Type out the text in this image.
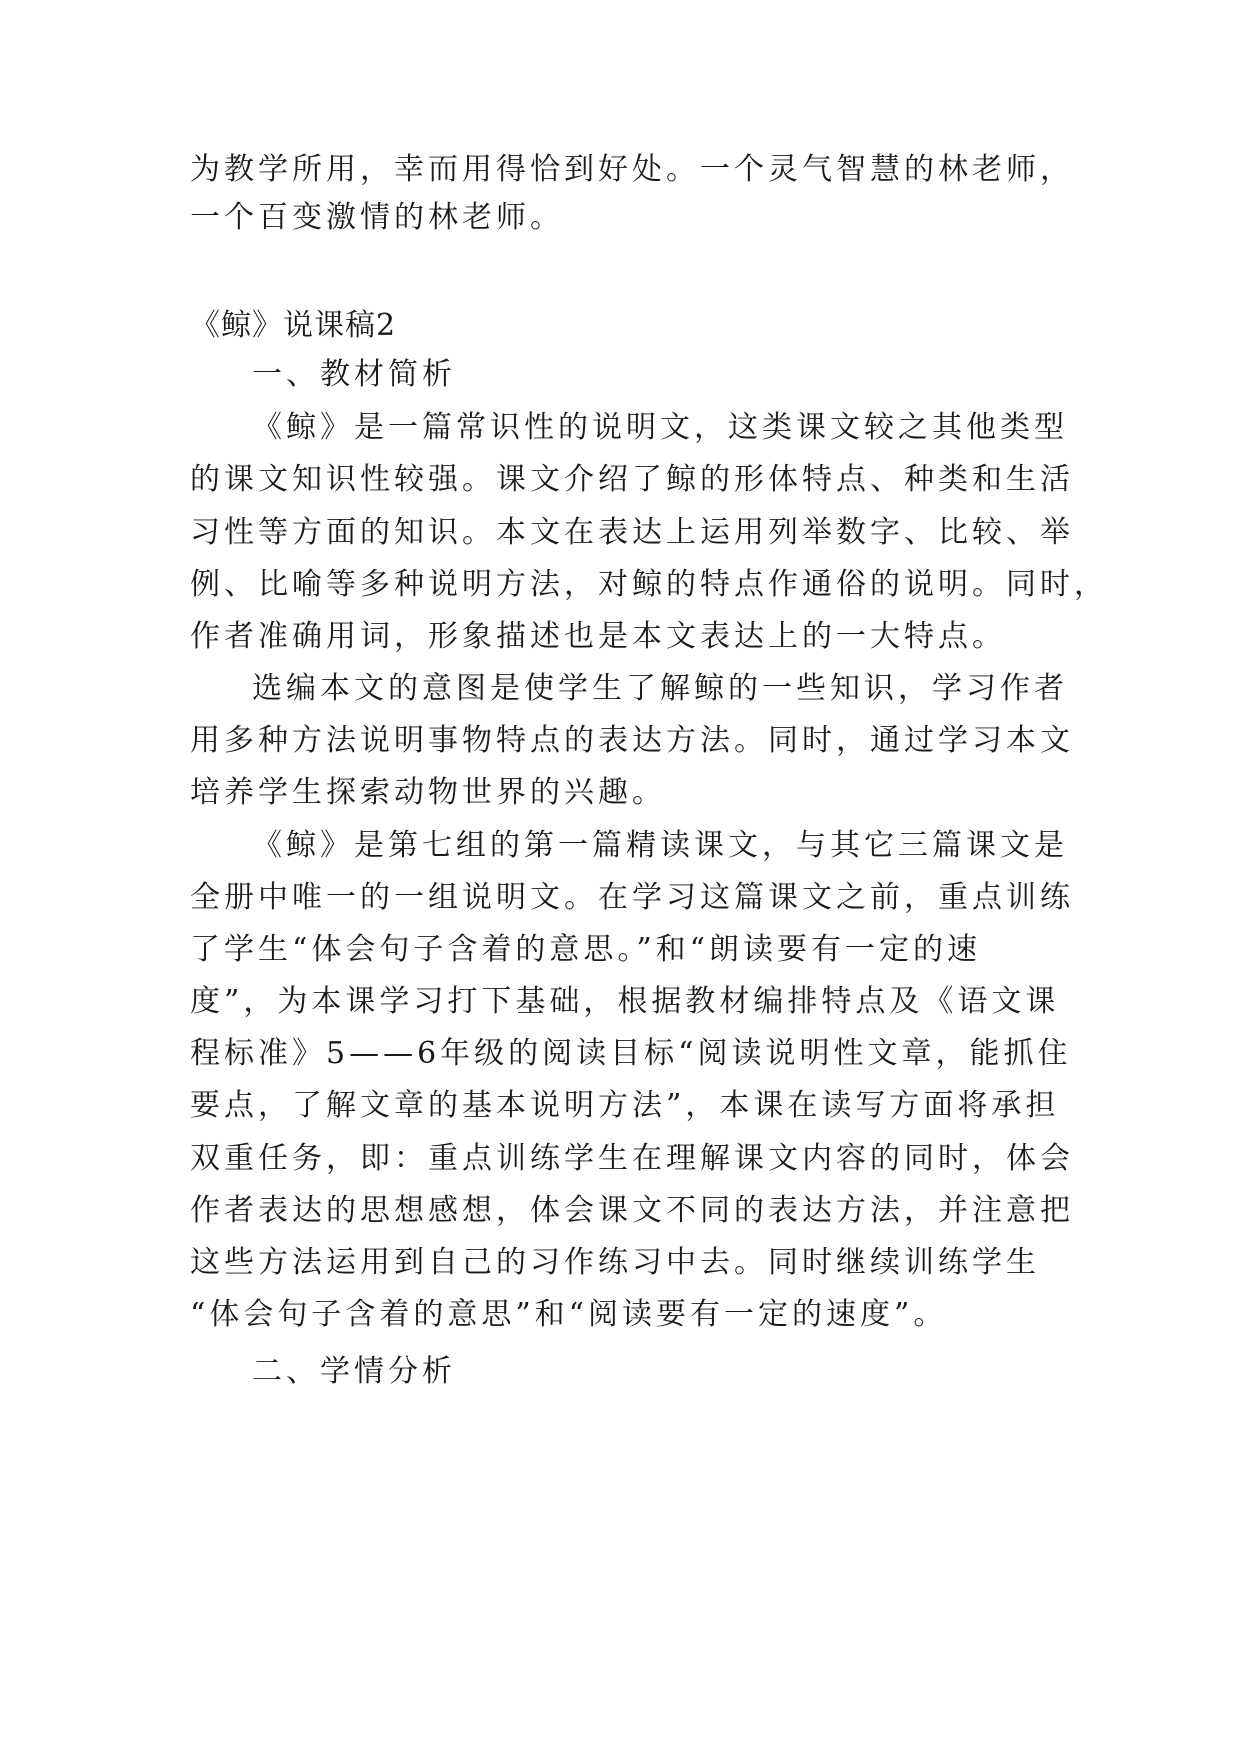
为教学所用，幸而用得恰到好处。一个灵气智慧的林老师，
一个百变激情的林老师。
《鲸》说课稿2
一、教材简析
《鲸》是一篇常识性的说明文，这类课文较之其他类型
的课文知识性较强。课文介绍了鲸的形体特点、种类和生活
习性等方面的知识。本文在表达上运用列举数字、比较、举
例、比喻等多种说明方法，对鲸的特点作通俗的说明。同时，
作者准确用词，形象描述也是本文表达上的一大特点。
选编本文的意图是使学生了解鲸的一些知识，学习作者
用多种方法说明事物特点的表达方法。同时，通过学习本文
培养学生探索动物世界的兴趣。
《鲸》是第七组的第一篇精读课文，与其它三篇课文是
全册中唯一的一组说明文。在学习这篇课文之前，重点训练
了学生“体会句子含着的意思。”和“朗读要有一定的速
度”，为本课学习打下基础，根据教材编排特点及《语文课
程标准》5——6年级的阅读目标“阅读说明性文章，能抓住
要点，了解文章的基本说明方法”，本课在读写方面将承担
双重任务，即：重点训练学生在理解课文内容的同时，体会
作者表达的思想感想，体会课文不同的表达方法，并注意把
这些方法运用到自己的习作练习中去。同时继续训练学生
“体会句子含着的意思”和“阅读要有一定的速度”。
二、学情分析
